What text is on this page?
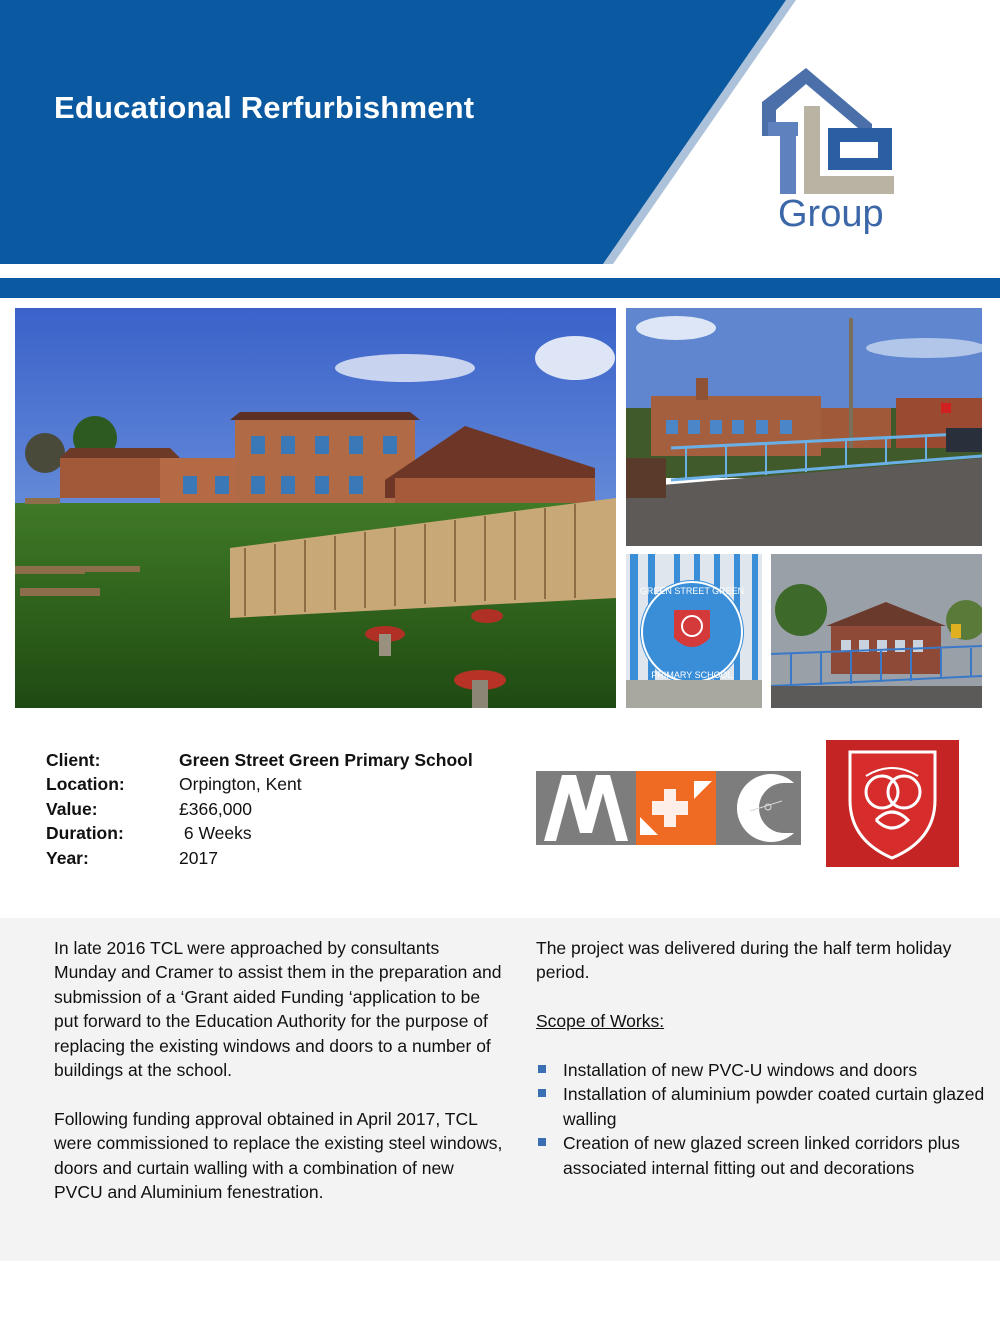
Educational Rerfurbishment
Group
GREEN STREET GREEN
PRIMARY SCHOOL
Client:	Green Street Green Primary School
Location:	Orpington, Kent
Value:	£366,000
Duration:	6 Weeks
Year:	2017

In late 2016 TCL were approached by consultants Munday and Cramer to assist them in the preparation and submission of a ‘Grant aided Funding ‘application to be put forward to the Education Authority for the purpose of replacing the existing windows and doors to a number of buildings at the school.

Following funding approval obtained in April 2017, TCL were commissioned to replace the existing steel windows, doors and curtain walling with a combination of new PVCU and Aluminium fenestration.

The project was delivered during the half term holiday period.

Scope of Works:

Installation of new PVC-U windows and doors
Installation of aluminium powder coated curtain glazed walling
Creation of new glazed screen linked corridors plus associated internal fitting out and decorations
